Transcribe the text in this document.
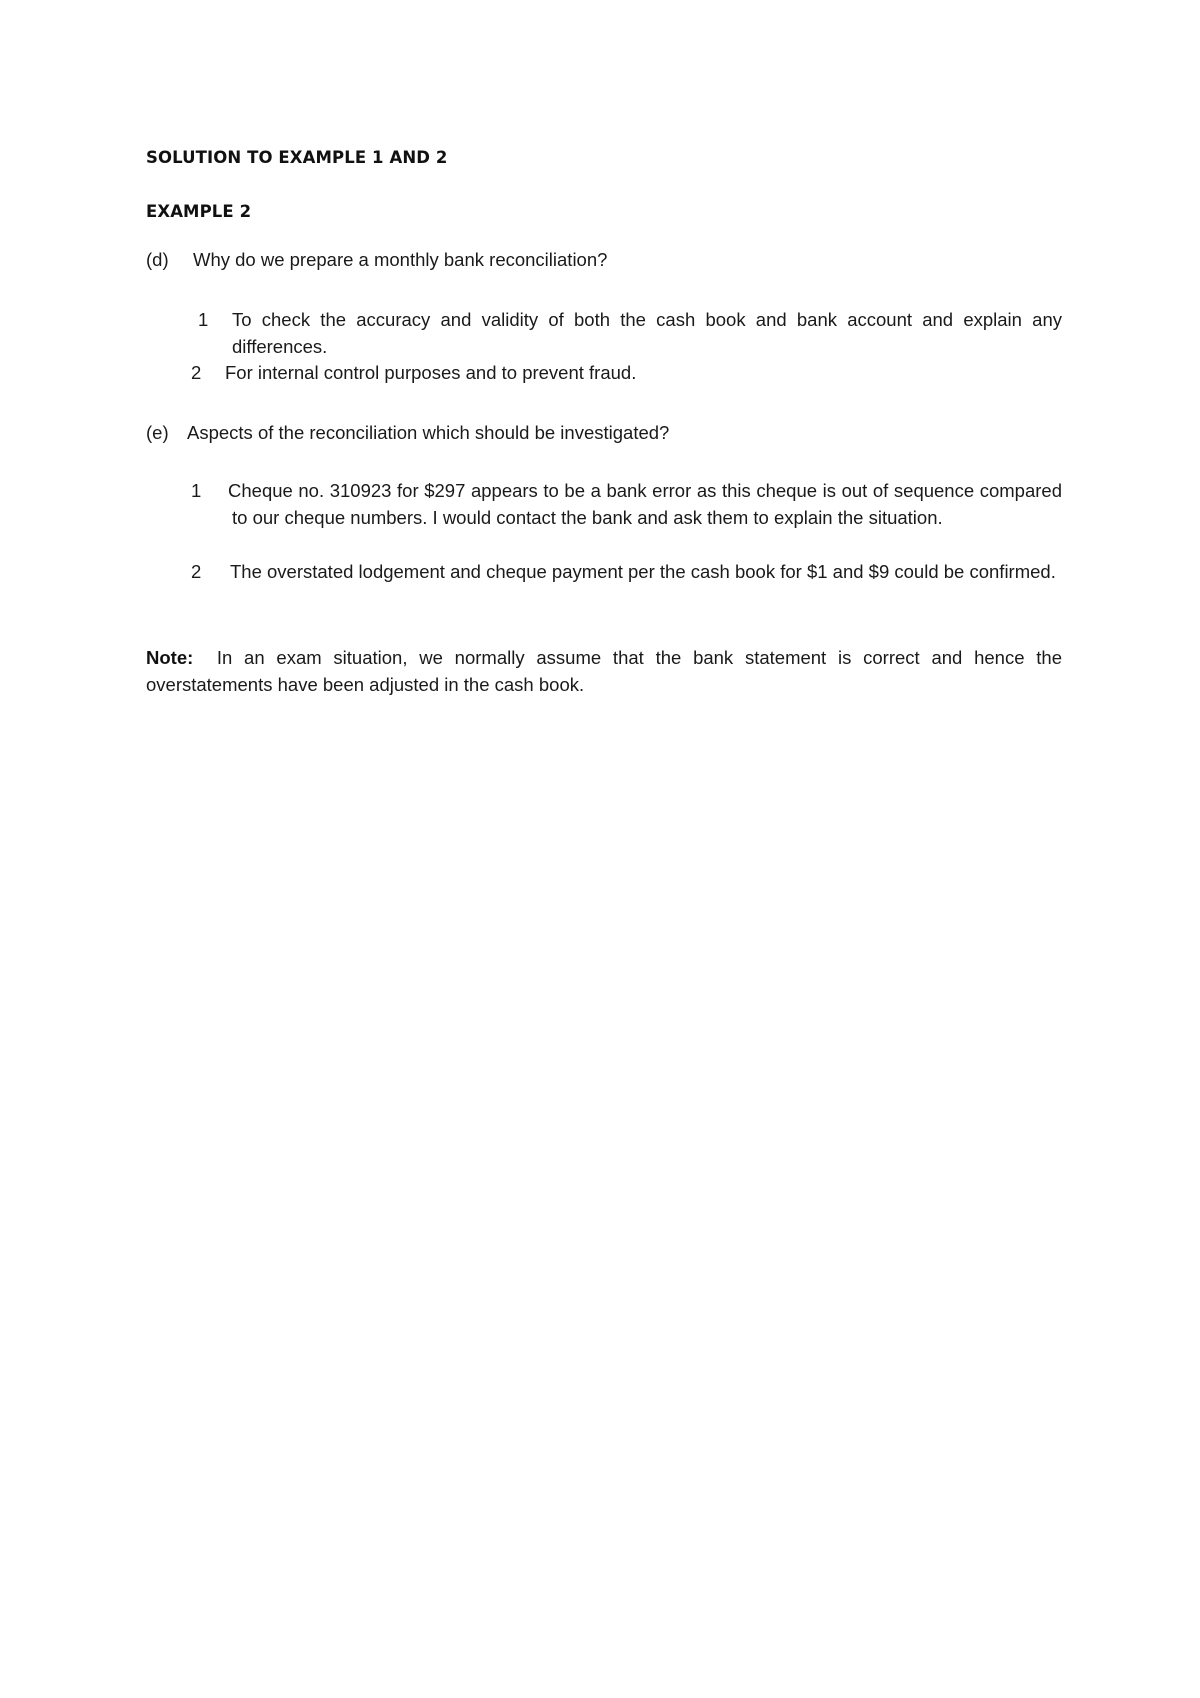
SOLUTION TO EXAMPLE 1 AND 2
EXAMPLE 2
(d) Why do we prepare a monthly bank reconciliation?
1 To check the accuracy and validity of both the cash book and bank account and explain any differences.
2 For internal control purposes and to prevent fraud.
(e) Aspects of the reconciliation which should be investigated?
1 Cheque no. 310923 for $297 appears to be a bank error as this cheque is out of sequence compared to our cheque numbers. I would contact the bank and ask them to explain the situation.
2 The overstated lodgement and cheque payment per the cash book for $1 and $9 could be confirmed.
Note: In an exam situation, we normally assume that the bank statement is correct and hence the overstatements have been adjusted in the cash book.
